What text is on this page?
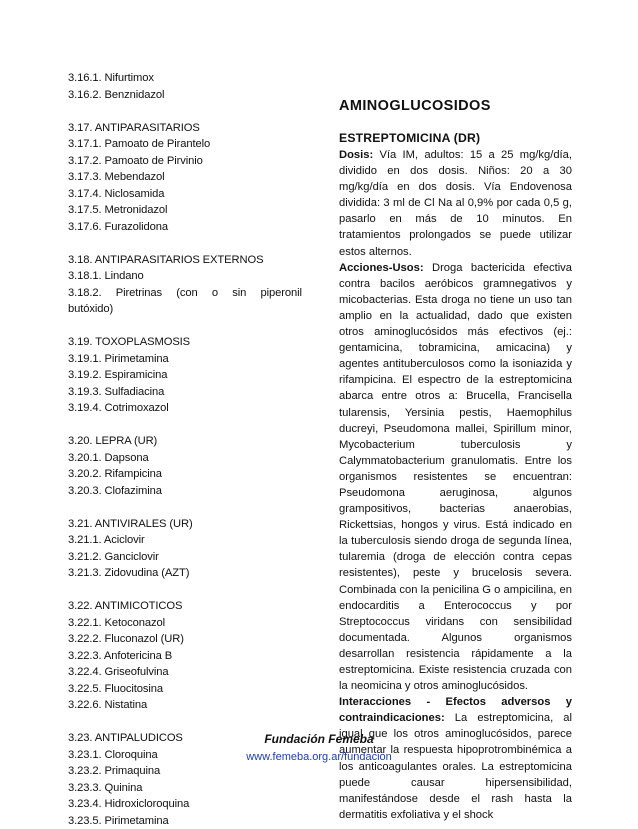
3.16.1. Nifurtimox
3.16.2. Benznidazol
3.17. ANTIPARASITARIOS
3.17.1. Pamoato de Pirantelo
3.17.2. Pamoato de Pirvinio
3.17.3. Mebendazol
3.17.4. Niclosamida
3.17.5. Metronidazol
3.17.6. Furazolidona
3.18. ANTIPARASITARIOS EXTERNOS
3.18.1. Lindano
3.18.2. Piretrinas (con o sin piperonil
butóxido)
3.19. TOXOPLASMOSIS
3.19.1. Pirimetamina
3.19.2. Espiramicina
3.19.3. Sulfadiacina
3.19.4. Cotrimoxazol
3.20. LEPRA (UR)
3.20.1. Dapsona
3.20.2. Rifampicina
3.20.3. Clofazimina
3.21. ANTIVIRALES (UR)
3.21.1. Aciclovir
3.21.2. Ganciclovir
3.21.3. Zidovudina (AZT)
3.22. ANTIMICOTICOS
3.22.1. Ketoconazol
3.22.2. Fluconazol (UR)
3.22.3. Anfotericina B
3.22.4. Griseofulvina
3.22.5. Fluocitosina
3.22.6. Nistatina
3.23. ANTIPALUDICOS
3.23.1. Cloroquina
3.23.2. Primaquina
3.23.3. Quinina
3.23.4. Hidroxicloroquina
3.23.5. Pirimetamina
AMINOGLUCOSIDOS
ESTREPTOMICINA (DR)

Dosis: Vía IM, adultos: 15 a 25 mg/kg/día, dividido en dos dosis. Niños: 20 a 30 mg/kg/día en dos dosis. Vía Endovenosa dividida: 3 ml de Cl Na al 0,9% por cada 0,5 g, pasarlo en más de 10 minutos. En tratamientos prolongados se puede utilizar estos alternos.

Acciones-Usos: Droga bactericida efectiva contra bacilos aeróbicos gramnegativos y micobacterias. Esta droga no tiene un uso tan amplio en la actualidad, dado que existen otros aminoglucósidos más efectivos (ej.: gentamicina, tobramicina, amicacina) y agentes antituberculosos como la isoniazida y rifampicina. El espectro de la estreptomicina abarca entre otros a: Brucella, Francisella tularensis, Yersinia pestis, Haemophilus ducreyi, Pseudomona mallei, Spirillum minor, Mycobacterium tuberculosis y Calymmatobacterium granulomatis. Entre los organismos resistentes se encuentran: Pseudomona aeruginosa, algunos grampositivos, bacterias anaerobias, Rickettsias, hongos y virus. Está indicado en la tuberculosis siendo droga de segunda línea, tularemia (droga de elección contra cepas resistentes), peste y brucelosis severa. Combinada con la penicilina G o ampicilina, en endocarditis a Enterococcus y por Streptococcus viridans con sensibilidad documentada. Algunos organismos desarrollan resistencia rápidamente a la estreptomicina. Existe resistencia cruzada con la neomicina y otros aminoglucósidos.

Interacciones - Efectos adversos y contraindicaciones: La estreptomicina, al igual que los otros aminoglucósidos, parece aumentar la respuesta hipoprotrombinémica a los anticoagulantes orales. La estreptomicina puede causar hipersensibilidad, manifestándose desde el rash hasta la dermatitis exfoliativa y el shock

Fundación Femeba
www.femeba.org.ar/fundacion
